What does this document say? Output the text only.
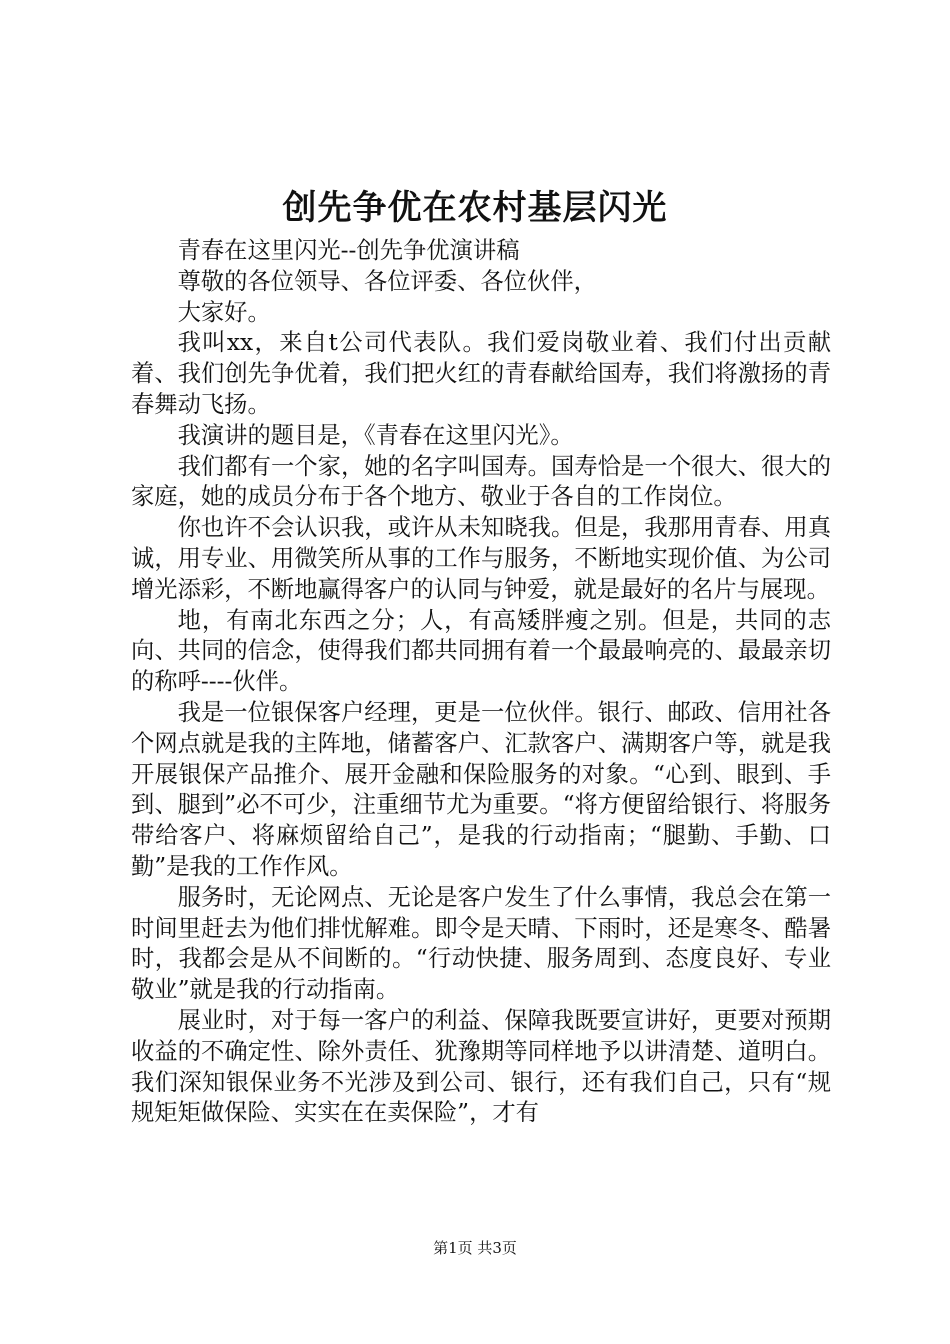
创先争优在农村基层闪光

青春在这里闪光--创先争优演讲稿

尊敬的各位领导、各位评委、各位伙伴，

大家好。

我叫xx，来自t公司代表队。我们爱岗敬业着、我们付出贡献着、我们创先争优着，我们把火红的青春献给国寿，我们将激扬的青春舞动飞扬。

我演讲的题目是，《青春在这里闪光》。

我们都有一个家，她的名字叫国寿。国寿恰是一个很大、很大的家庭，她的成员分布于各个地方、敬业于各自的工作岗位。

你也许不会认识我，或许从未知晓我。但是，我那用青春、用真诚，用专业、用微笑所从事的工作与服务，不断地实现价值、为公司增光添彩，不断地赢得客户的认同与钟爱，就是最好的名片与展现。

地，有南北东西之分；人，有高矮胖瘦之别。但是，共同的志向、共同的信念，使得我们都共同拥有着一个最最响亮的、最最亲切的称呼----伙伴。

我是一位银保客户经理，更是一位伙伴。银行、邮政、信用社各个网点就是我的主阵地，储蓄客户、汇款客户、满期客户等，就是我开展银保产品推介、展开金融和保险服务的对象。“心到、眼到、手到、腿到”必不可少，注重细节尤为重要。“将方便留给银行、将服务带给客户、将麻烦留给自己”，是我的行动指南；“腿勤、手勤、口勤”是我的工作作风。

服务时，无论网点、无论是客户发生了什么事情，我总会在第一时间里赶去为他们排忧解难。即令是天晴、下雨时，还是寒冬、酷暑时，我都会是从不间断的。“行动快捷、服务周到、态度良好、专业敬业”就是我的行动指南。

展业时，对于每一客户的利益、保障我既要宣讲好，更要对预期收益的不确定性、除外责任、犹豫期等同样地予以讲清楚、道明白。我们深知银保业务不光涉及到公司、银行，还有我们自己，只有“规规矩矩做保险、实实在在卖保险”，才有

第1页 共3页
